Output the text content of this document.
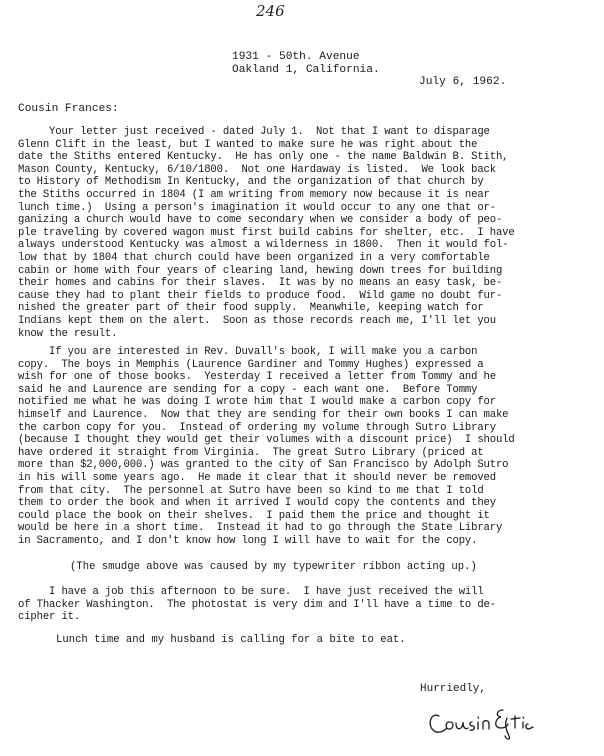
246
1931 - 50th. Avenue
Oakland 1, California.
July 6, 1962.
Cousin Frances:
Your letter just received - dated July 1.  Not that I want to disparage
Glenn Clift in the least, but I wanted to make sure he was right about the
date the Stiths entered Kentucky.  He has only one - the name Baldwin B. Stith,
Mason County, Kentucky, 6/10/1800.  Not one Hardaway is listed.  We look back
to History of Methodism In Kentucky, and the organization of that church by
the Stiths occurred in 1804 (I am writing from memory now because it is near
lunch time.)  Using a person's imagination it would occur to any one that or-
ganizing a church would have to come secondary when we consider a body of peo-
ple traveling by covered wagon must first build cabins for shelter, etc.  I have
always understood Kentucky was almost a wilderness in 1800.  Then it would fol-
low that by 1804 that church could have been organized in a very comfortable
cabin or home with four years of clearing land, hewing down trees for building
their homes and cabins for their slaves.  It was by no means an easy task, be-
cause they had to plant their fields to produce food.  Wild game no doubt fur-
nished the greater part of their food supply.  Meanwhile, keeping watch for
Indians kept them on the alert.  Soon as those records reach me, I'll let you
know the result.
If you are interested in Rev. Duvall's book, I will make you a carbon
copy.  The boys in Memphis (Laurence Gardiner and Tommy Hughes) expressed a
wish for one of those books.  Yesterday I received a letter from Tommy and he
said he and Laurence are sending for a copy - each want one.  Before Tommy
notified me what he was doing I wrote him that I would make a carbon copy for
himself and Laurence.  Now that they are sending for their own books I can make
the carbon copy for you.  Instead of ordering my volume through Sutro Library
(because I thought they would get their volumes with a discount price)  I should
have ordered it straight from Virginia.  The great Sutro Library (priced at
more than $2,000,000.) was granted to the city of San Francisco by Adolph Sutro
in his will some years ago.  He made it clear that it should never be removed
from that city.  The personnel at Sutro have been so kind to me that I told
them to order the book and when it arrived I would copy the contents and they
could place the book on their shelves.  I paid them the price and thought it
would be here in a short time.  Instead it had to go through the State Library
in Sacramento, and I don't know how long I will have to wait for the copy.
(The smudge above was caused by my typewriter ribbon acting up.)
I have a job this afternoon to be sure.  I have just received the will
of Thacker Washington.  The photostat is very dim and I'll have a time to de-
cipher it.
Lunch time and my husband is calling for a bite to eat.
Hurriedly,
